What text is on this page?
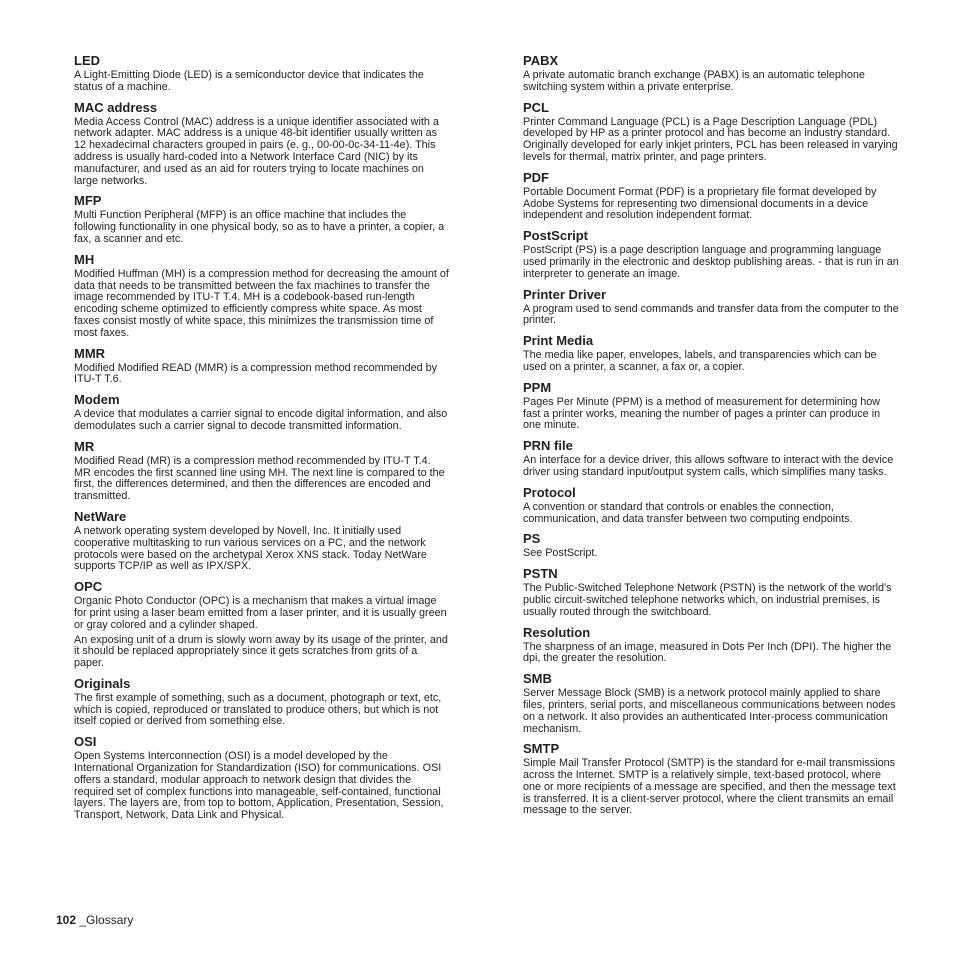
LED
A Light-Emitting Diode (LED) is a semiconductor device that indicates the status of a machine.
MAC address
Media Access Control (MAC) address is a unique identifier associated with a network adapter. MAC address is a unique 48-bit identifier usually written as 12 hexadecimal characters grouped in pairs (e. g., 00-00-0c-34-11-4e). This address is usually hard-coded into a Network Interface Card (NIC) by its manufacturer, and used as an aid for routers trying to locate machines on large networks.
MFP
Multi Function Peripheral (MFP) is an office machine that includes the following functionality in one physical body, so as to have a printer, a copier, a fax, a scanner and etc.
MH
Modified Huffman (MH) is a compression method for decreasing the amount of data that needs to be transmitted between the fax machines to transfer the image recommended by ITU-T T.4. MH is a codebook-based run-length encoding scheme optimized to efficiently compress white space. As most faxes consist mostly of white space, this minimizes the transmission time of most faxes.
MMR
Modified Modified READ (MMR) is a compression method recommended by ITU-T T.6.
Modem
A device that modulates a carrier signal to encode digital information, and also demodulates such a carrier signal to decode transmitted information.
MR
Modified Read (MR) is a compression method recommended by ITU-T T.4. MR encodes the first scanned line using MH. The next line is compared to the first, the differences determined, and then the differences are encoded and transmitted.
NetWare
A network operating system developed by Novell, Inc. It initially used cooperative multitasking to run various services on a PC, and the network protocols were based on the archetypal Xerox XNS stack. Today NetWare supports TCP/IP as well as IPX/SPX.
OPC
Organic Photo Conductor (OPC) is a mechanism that makes a virtual image for print using a laser beam emitted from a laser printer, and it is usually green or gray colored and a cylinder shaped.
An exposing unit of a drum is slowly worn away by its usage of the printer, and it should be replaced appropriately since it gets scratches from grits of a paper.
Originals
The first example of something, such as a document, photograph or text, etc, which is copied, reproduced or translated to produce others, but which is not itself copied or derived from something else.
OSI
Open Systems Interconnection (OSI) is a model developed by the International Organization for Standardization (ISO) for communications. OSI offers a standard, modular approach to network design that divides the required set of complex functions into manageable, self-contained, functional layers. The layers are, from top to bottom, Application, Presentation, Session, Transport, Network, Data Link and Physical.
PABX
A private automatic branch exchange (PABX) is an automatic telephone switching system within a private enterprise.
PCL
Printer Command Language (PCL) is a Page Description Language (PDL) developed by HP as a printer protocol and has become an industry standard. Originally developed for early inkjet printers, PCL has been released in varying levels for thermal, matrix printer, and page printers.
PDF
Portable Document Format (PDF) is a proprietary file format developed by Adobe Systems for representing two dimensional documents in a device independent and resolution independent format.
PostScript
PostScript (PS) is a page description language and programming language used primarily in the electronic and desktop publishing areas. - that is run in an interpreter to generate an image.
Printer Driver
A program used to send commands and transfer data from the computer to the printer.
Print Media
The media like paper, envelopes, labels, and transparencies which can be used on a printer, a scanner, a fax or, a copier.
PPM
Pages Per Minute (PPM) is a method of measurement for determining how fast a printer works, meaning the number of pages a printer can produce in one minute.
PRN file
An interface for a device driver, this allows software to interact with the device driver using standard input/output system calls, which simplifies many tasks.
Protocol
A convention or standard that controls or enables the connection, communication, and data transfer between two computing endpoints.
PS
See PostScript.
PSTN
The Public-Switched Telephone Network (PSTN) is the network of the world's public circuit-switched telephone networks which, on industrial premises, is usually routed through the switchboard.
Resolution
The sharpness of an image, measured in Dots Per Inch (DPI). The higher the dpi, the greater the resolution.
SMB
Server Message Block (SMB) is a network protocol mainly applied to share files, printers, serial ports, and miscellaneous communications between nodes on a network. It also provides an authenticated Inter-process communication mechanism.
SMTP
Simple Mail Transfer Protocol (SMTP) is the standard for e-mail transmissions across the Internet. SMTP is a relatively simple, text-based protocol, where one or more recipients of a message are specified, and then the message text is transferred. It is a client-server protocol, where the client transmits an email message to the server.
102 _Glossary
